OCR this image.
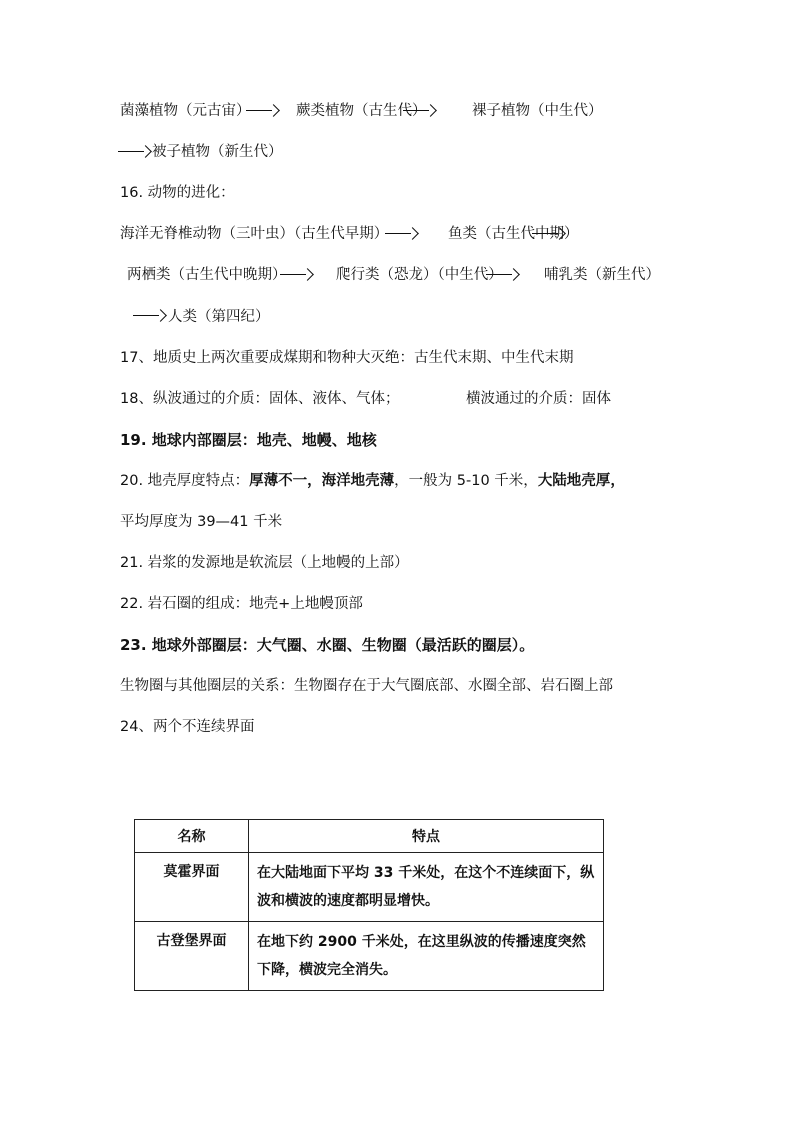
菌藻植物（元古宙）	蕨类植物（古生代）	裸子植物（中生代）
被子植物（新生代）
16. 动物的进化：
海洋无脊椎动物（三叶虫）（古生代早期）	鱼类（古生代中期）
两栖类（古生代中晚期）	爬行类（恐龙）（中生代）	哺乳类（新生代）
人类（第四纪）
17、地质史上两次重要成煤期和物种大灭绝：古生代末期、中生代末期
18、纵波通过的介质：固体、液体、气体；	横波通过的介质：固体
19. 地球内部圈层：地壳、地幔、地核
20. 地壳厚度特点：厚薄不一，海洋地壳薄，一般为 5-10 千米，大陆地壳厚，
平均厚度为 39—41 千米
21. 岩浆的发源地是软流层（上地幔的上部）
22. 岩石圈的组成：地壳+上地幔顶部
23. 地球外部圈层：大气圈、水圈、生物圈（最活跃的圈层）。
生物圈与其他圈层的关系：生物圈存在于大气圈底部、水圈全部、岩石圈上部
24、两个不连续界面
名称	特点
莫霍界面	在大陆地面下平均 33 千米处，在这个不连续面下，纵波和横波的速度都明显增快。
古登堡界面	在地下约 2900 千米处，在这里纵波的传播速度突然下降，横波完全消失。
